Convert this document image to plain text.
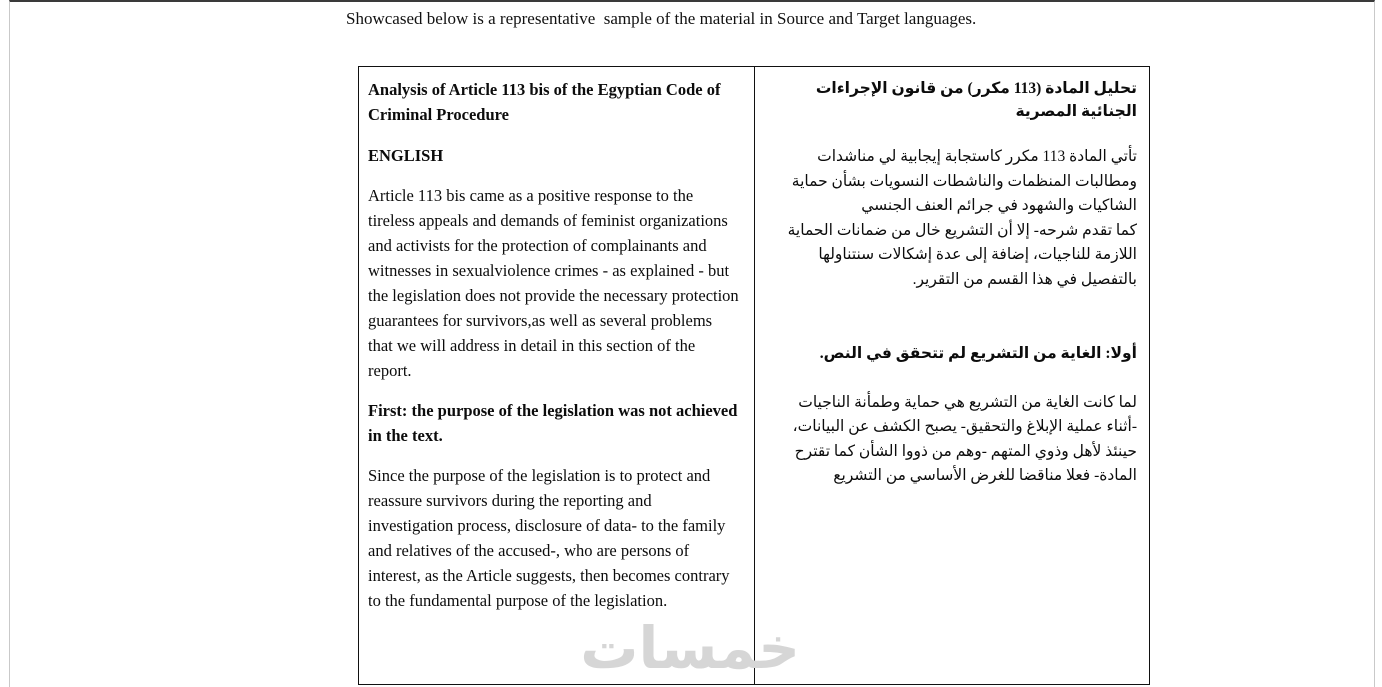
Showcased below is a representative  sample of the material in Source and Target languages.
Analysis of Article 113 bis of the Egyptian Code of Criminal Procedure
ENGLISH
Article 113 bis came as a positive response to the tireless appeals and demands of feminist organizations and activists for the protection of complainants and witnesses in sexualviolence crimes - as explained - but the legislation does not provide the necessary protection guarantees for survivors,as well as several problems that we will address in detail in this section of the report.
First: the purpose of the legislation was not achieved in the text.
Since the purpose of the legislation is to protect and reassure survivors during the reporting and investigation process, disclosure of data- to the family and relatives of the accused-, who are persons of interest, as the Article suggests, then becomes contrary to the fundamental purpose of the legislation.
تحليل المادة (113 مكرر) من قانون الإجراءات الجنائية المصرية
تأتي المادة 113 مكرر كاستجابة إيجابية لي مناشدات ومطالبات المنظمات والناشطات النسويات بشأن حماية الشاكيات والشهود في جرائم العنف الجنسي
كما تقدم شرحه- إلا أن التشريع خال من ضمانات الحماية اللازمة للناجيات، إضافة إلى عدة إشكالات سنتناولها بالتفصيل في هذا القسم من التقرير.
أولا: الغاية من التشريع لم تتحقق في النص.
لما كانت الغاية من التشريع هي حماية وطمأنة الناجيات -أثناء عملية الإبلاغ والتحقيق- يصبح الكشف عن البيانات، حينئذ لأهل وذوي المتهم -وهم من ذووا الشأن كما تقترح المادة- فعلا مناقضا للغرض الأساسي من التشريع
خمسات
